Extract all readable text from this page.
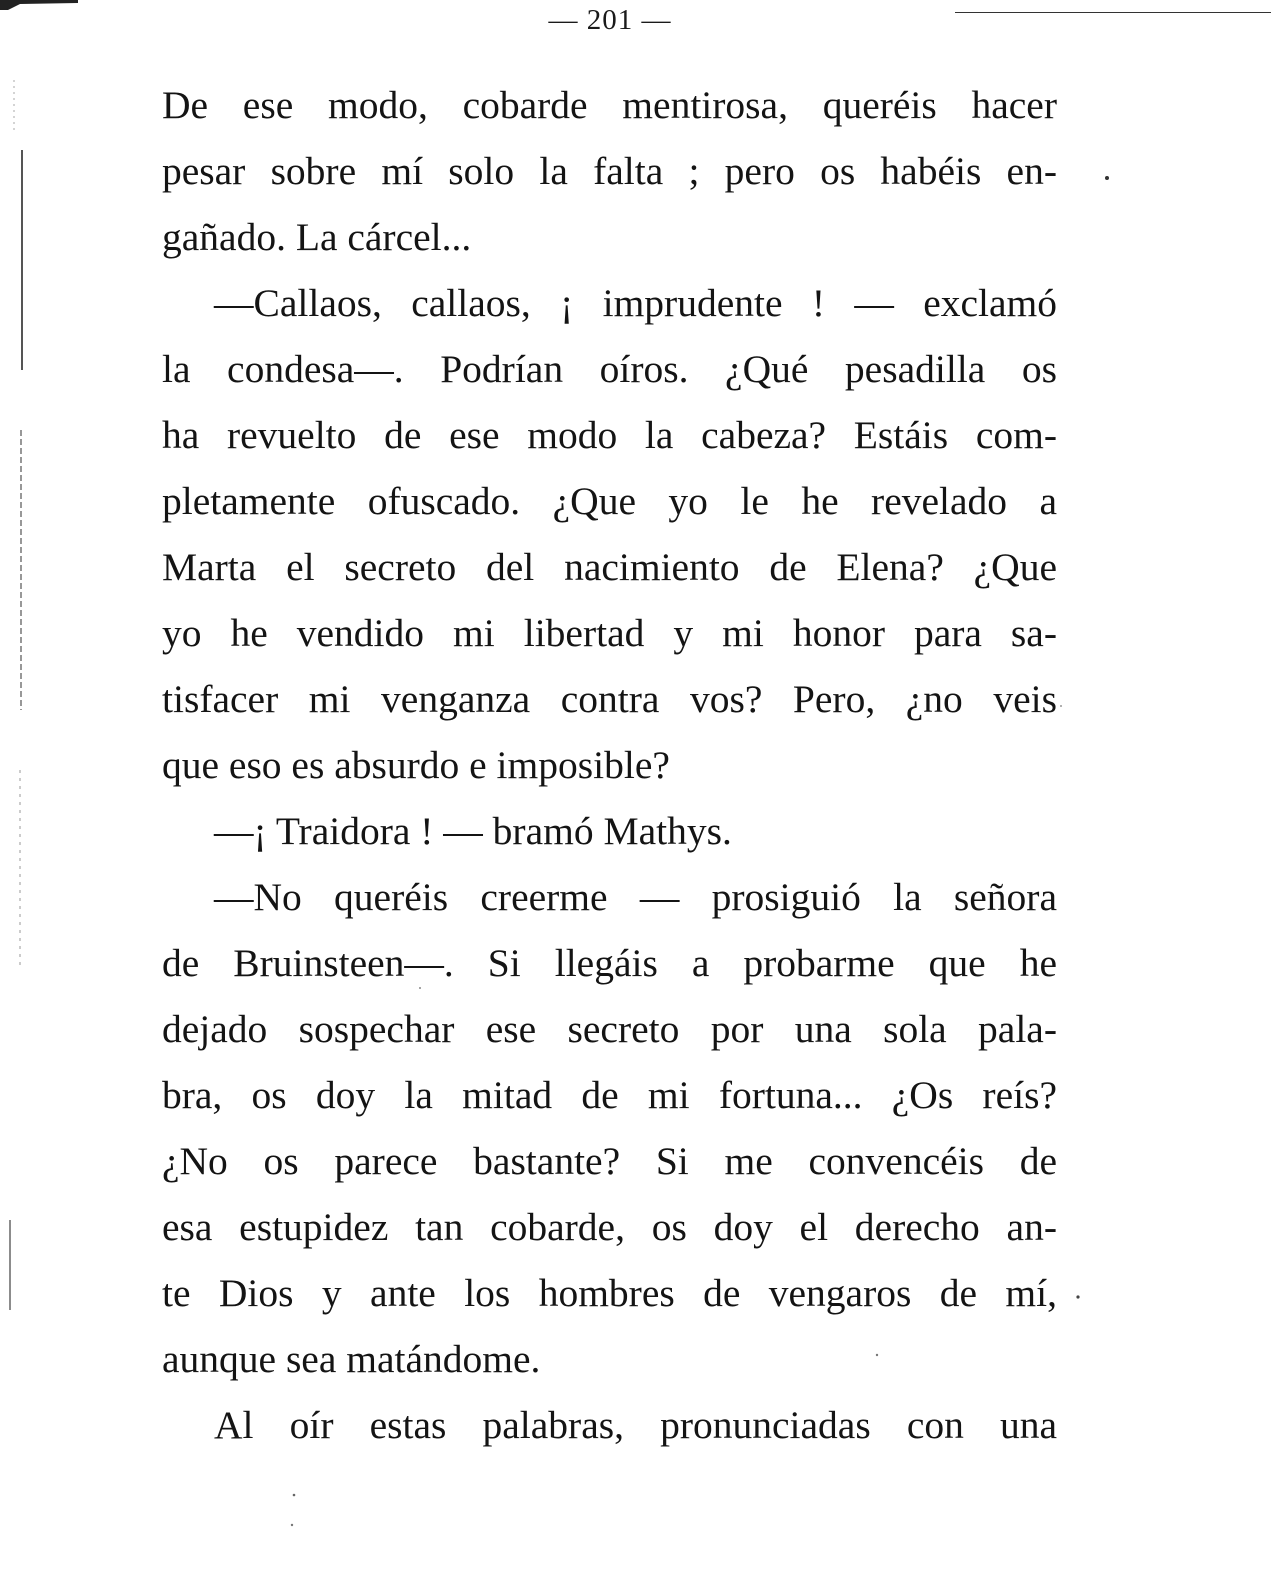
— 201 —

De ese modo, cobarde mentirosa, queréis hacer
pesar sobre mí solo la falta ; pero os habéis en-
gañado. La cárcel...

—Callaos, callaos, ¡ imprudente ! — exclamó
la condesa—. Podrían oíros. ¿Qué pesadilla os
ha revuelto de ese modo la cabeza? Estáis com-
pletamente ofuscado. ¿Que yo le he revelado a
Marta el secreto del nacimiento de Elena? ¿Que
yo he vendido mi libertad y mi honor para sa-
tisfacer mi venganza contra vos? Pero, ¿no veis
que eso es absurdo e imposible?

—¡ Traidora ! — bramó Mathys.

—No queréis creerme — prosiguió la señora
de Bruinsteen—. Si llegáis a probarme que he
dejado sospechar ese secreto por una sola pala-
bra, os doy la mitad de mi fortuna... ¿Os reís?
¿No os parece bastante? Si me convencéis de
esa estupidez tan cobarde, os doy el derecho an-
te Dios y ante los hombres de vengaros de mí,
aunque sea matándome.

Al oír estas palabras, pronunciadas con una
